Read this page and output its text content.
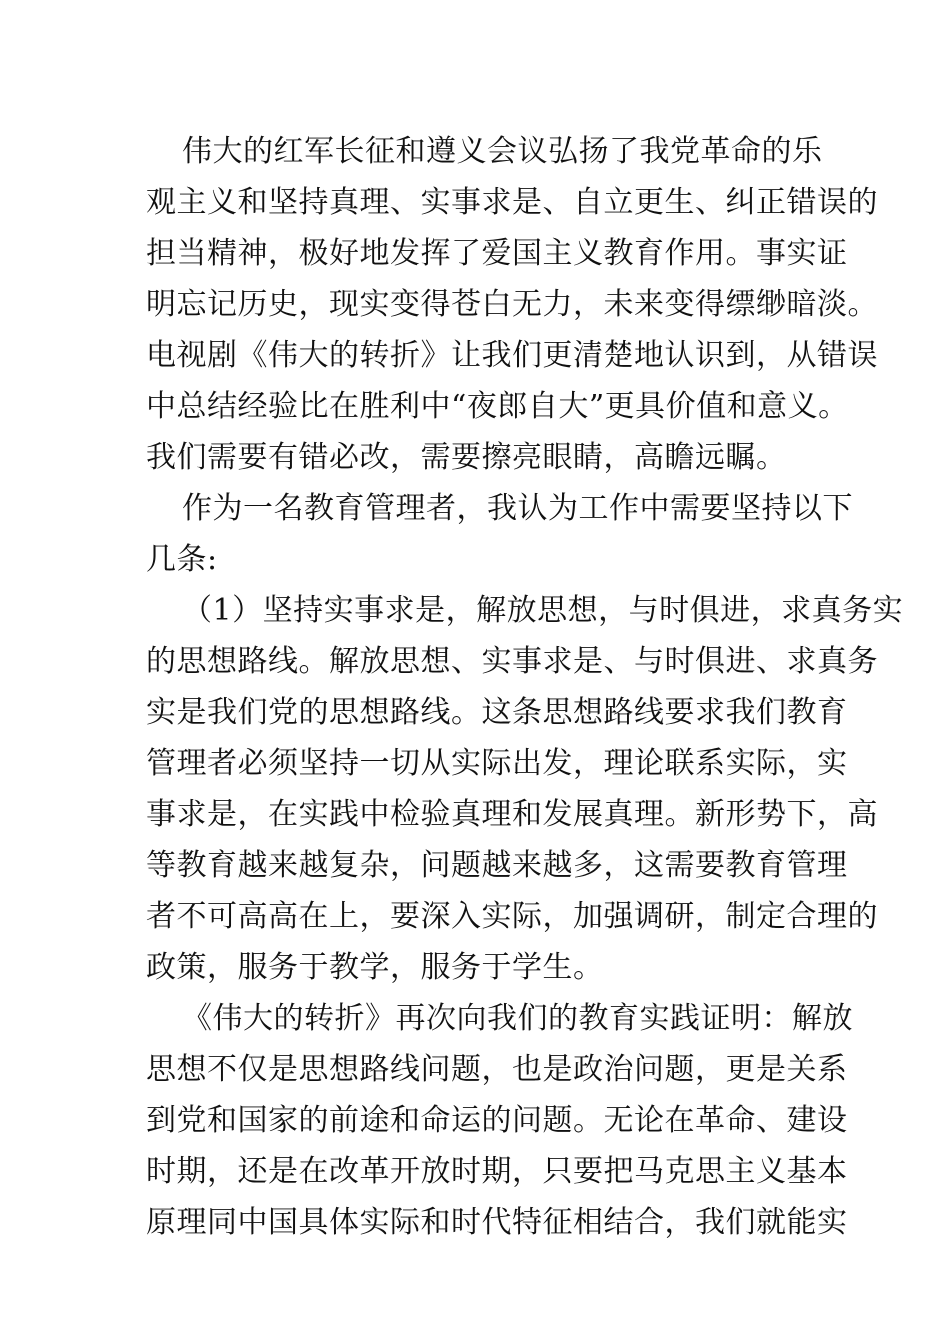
伟大的红军长征和遵义会议弘扬了我党革命的乐
观主义和坚持真理、实事求是、自立更生、纠正错误的
担当精神，极好地发挥了爱国主义教育作用。事实证
明忘记历史，现实变得苍白无力，未来变得缥缈暗淡。
电视剧《伟大的转折》让我们更清楚地认识到，从错误
中总结经验比在胜利中“夜郎自大”更具价值和意义。
我们需要有错必改，需要擦亮眼睛，高瞻远瞩。
作为一名教育管理者，我认为工作中需要坚持以下
几条:
（1）坚持实事求是，解放思想，与时俱进，求真务实
的思想路线。解放思想、实事求是、与时俱进、求真务
实是我们党的思想路线。这条思想路线要求我们教育
管理者必须坚持一切从实际出发，理论联系实际，实
事求是，在实践中检验真理和发展真理。新形势下，高
等教育越来越复杂，问题越来越多，这需要教育管理
者不可高高在上，要深入实际，加强调研，制定合理的
政策，服务于教学，服务于学生。
《伟大的转折》再次向我们的教育实践证明：解放
思想不仅是思想路线问题，也是政治问题，更是关系
到党和国家的前途和命运的问题。无论在革命、建设
时期，还是在改革开放时期，只要把马克思主义基本
原理同中国具体实际和时代特征相结合，我们就能实
